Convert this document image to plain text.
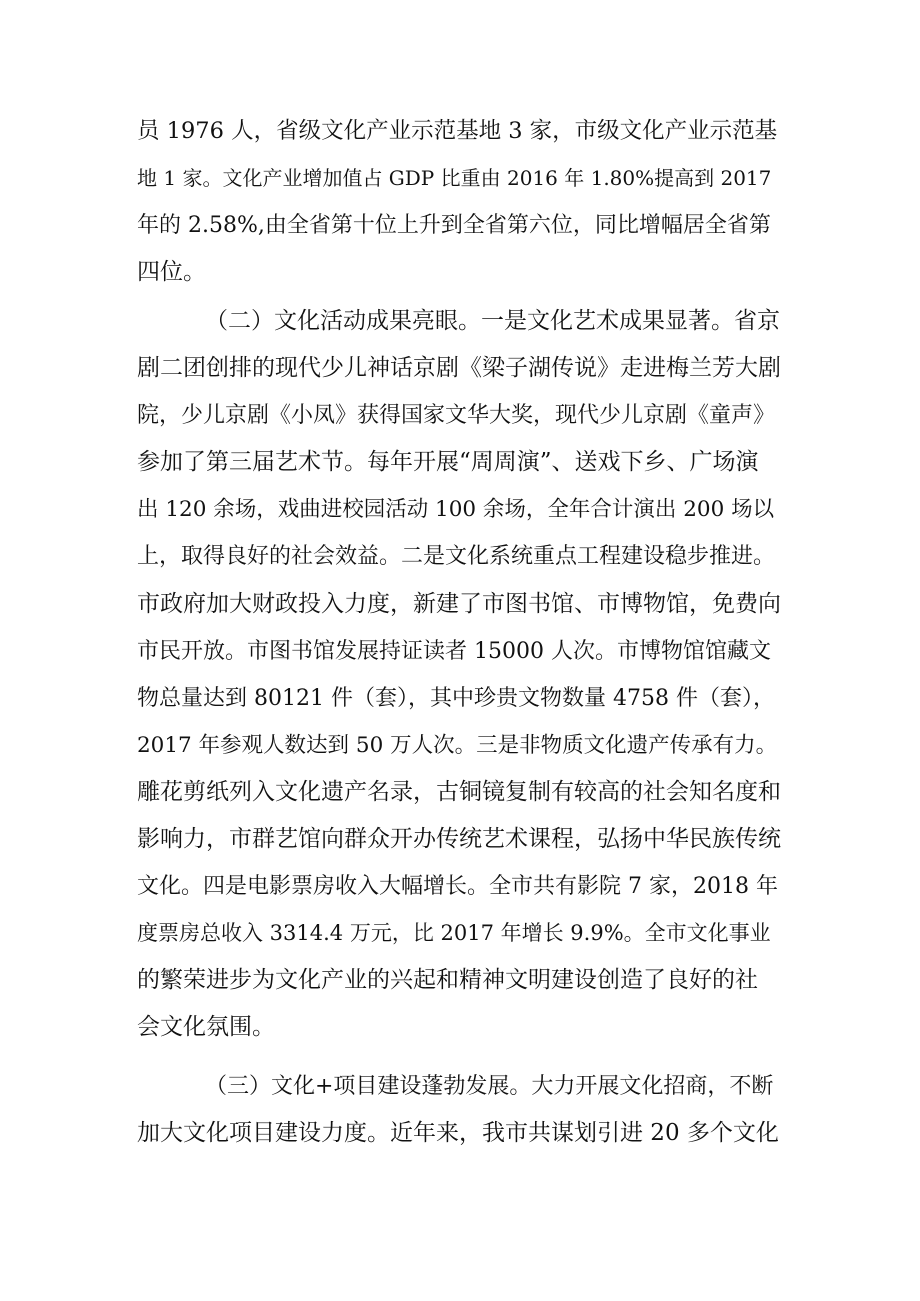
员 1976 人，省级文化产业示范基地 3 家，市级文化产业示范基
地 1 家。文化产业增加值占 GDP 比重由 2016 年 1.80%提高到 2017
年的 2.58%,由全省第十位上升到全省第六位，同比增幅居全省第
四位。
（二）文化活动成果亮眼。一是文化艺术成果显著。省京
剧二团创排的现代少儿神话京剧《梁子湖传说》走进梅兰芳大剧
院，少儿京剧《小凤》获得国家文华大奖，现代少儿京剧《童声》
参加了第三届艺术节。每年开展“周周演”、送戏下乡、广场演
出 120 余场，戏曲进校园活动 100 余场，全年合计演出 200 场以
上，取得良好的社会效益。二是文化系统重点工程建设稳步推进。
市政府加大财政投入力度，新建了市图书馆、市博物馆，免费向
市民开放。市图书馆发展持证读者 15000 人次。市博物馆馆藏文
物总量达到 80121 件（套），其中珍贵文物数量 4758 件（套），
2017 年参观人数达到 50 万人次。三是非物质文化遗产传承有力。
雕花剪纸列入文化遗产名录，古铜镜复制有较高的社会知名度和
影响力，市群艺馆向群众开办传统艺术课程，弘扬中华民族传统
文化。四是电影票房收入大幅增长。全市共有影院 7 家，2018 年
度票房总收入 3314.4 万元，比 2017 年增长 9.9%。全市文化事业
的繁荣进步为文化产业的兴起和精神文明建设创造了良好的社
会文化氛围。
（三）文化+项目建设蓬勃发展。大力开展文化招商，不断
加大文化项目建设力度。近年来，我市共谋划引进 20 多个文化
